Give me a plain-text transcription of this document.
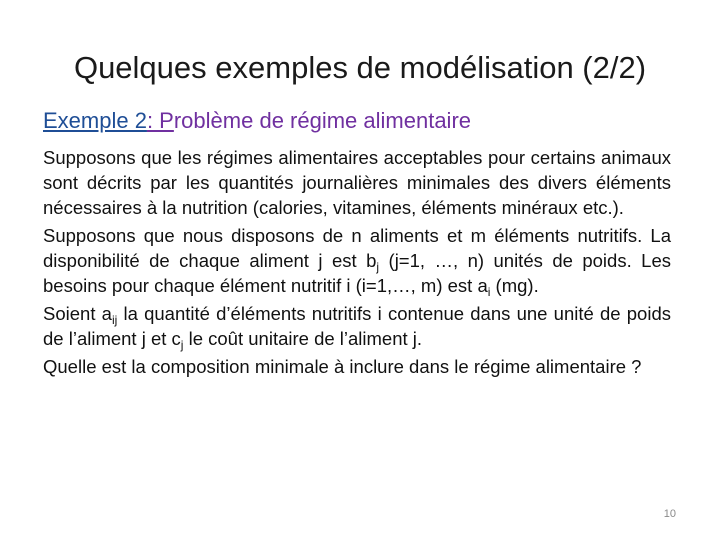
Quelques exemples de modélisation (2/2)
Exemple 2: Problème de régime alimentaire

Supposons que les régimes alimentaires acceptables pour certains animaux sont décrits par les quantités journalières minimales des divers éléments nécessaires à la nutrition (calories, vitamines, éléments minéraux etc.).

Supposons que nous disposons de n aliments et m éléments nutritifs. La disponibilité de chaque aliment j est $b_j$ (j=1, …, n) unités de poids. Les besoins pour chaque élément nutritif i (i=1,…, m) est $a_i$ (mg).

Soient $a_{ij}$ la quantité d’éléments nutritifs i contenue dans une unité de poids de l’aliment j et $c_j$ le coût unitaire de l’aliment j.

Quelle est la composition minimale à inclure dans le régime alimentaire ?

10
